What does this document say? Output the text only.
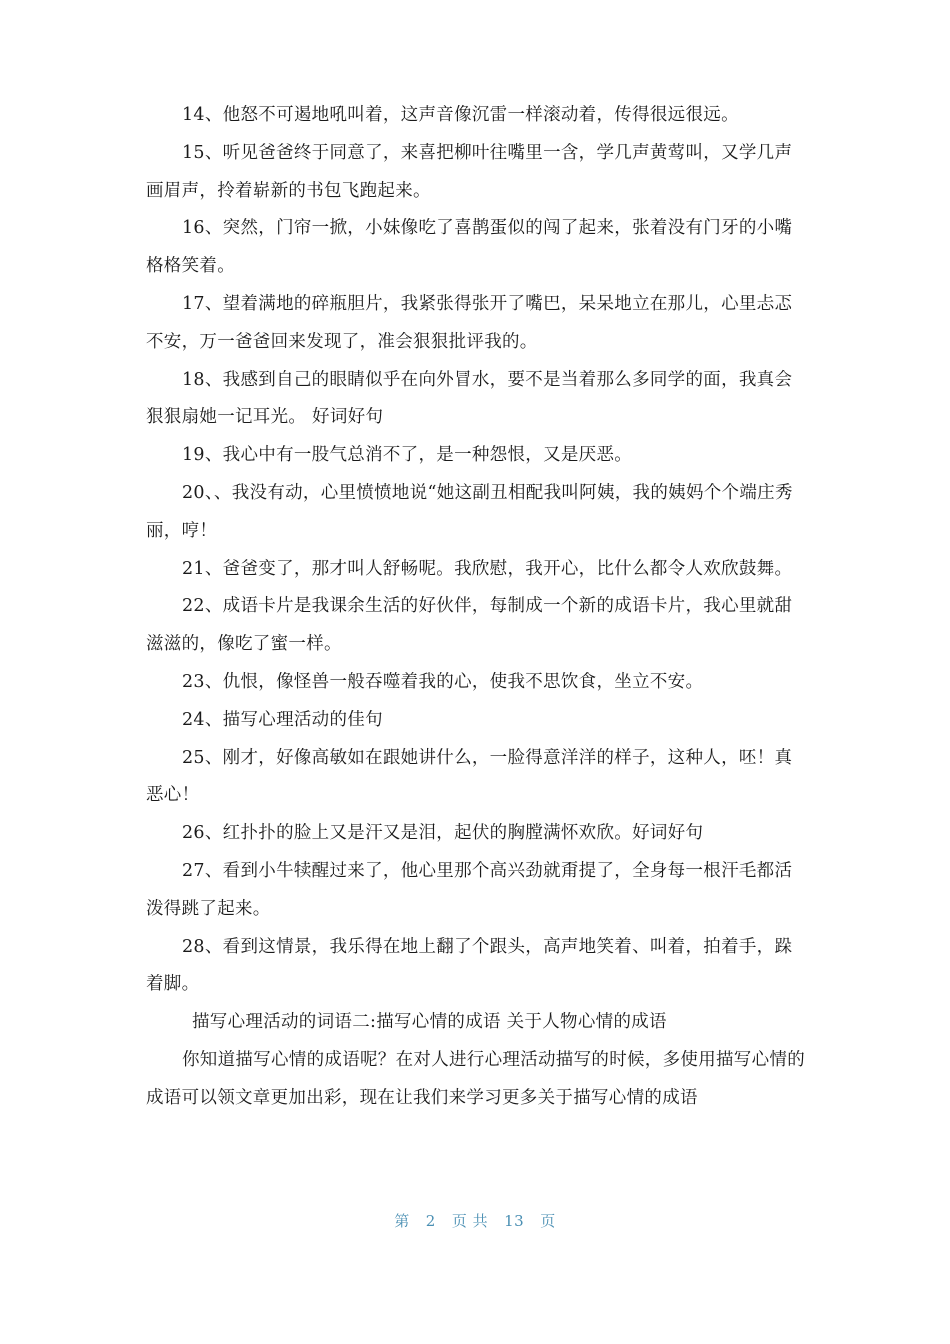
14、他怒不可遏地吼叫着，这声音像沉雷一样滚动着，传得很远很远。

15、听见爸爸终于同意了，来喜把柳叶往嘴里一含，学几声黄莺叫，又学几声画眉声，拎着崭新的书包飞跑起来。

16、突然，门帘一掀，小妹像吃了喜鹊蛋似的闯了起来，张着没有门牙的小嘴格格笑着。

17、望着满地的碎瓶胆片，我紧张得张开了嘴巴，呆呆地立在那儿，心里忐忑不安，万一爸爸回来发现了，准会狠狠批评我的。

18、我感到自己的眼睛似乎在向外冒水，要不是当着那么多同学的面，我真会狠狠扇她一记耳光。 好词好句

19、我心中有一股气总消不了，是一种怨恨，又是厌恶。

20、、我没有动，心里愤愤地说“她这副丑相配我叫阿姨，我的姨妈个个端庄秀丽，哼！

21、爸爸变了，那才叫人舒畅呢。我欣慰，我开心，比什么都令人欢欣鼓舞。

22、成语卡片是我课余生活的好伙伴，每制成一个新的成语卡片，我心里就甜滋滋的，像吃了蜜一样。

23、仇恨，像怪兽一般吞噬着我的心，使我不思饮食，坐立不安。

24、描写心理活动的佳句

25、刚才，好像高敏如在跟她讲什么，一脸得意洋洋的样子，这种人，呸！真恶心！

26、红扑扑的脸上又是汗又是泪，起伏的胸膛满怀欢欣。好词好句

27、看到小牛犊醒过来了，他心里那个高兴劲就甭提了，全身每一根汗毛都活泼得跳了起来。

28、看到这情景，我乐得在地上翻了个跟头，高声地笑着、叫着，拍着手，跺着脚。

描写心理活动的词语二:描写心情的成语 关于人物心情的成语

你知道描写心情的成语呢？在对人进行心理活动描写的时候，多使用描写心情的成语可以领文章更加出彩，现在让我们来学习更多关于描写心情的成语

第 2 页 共 13 页
